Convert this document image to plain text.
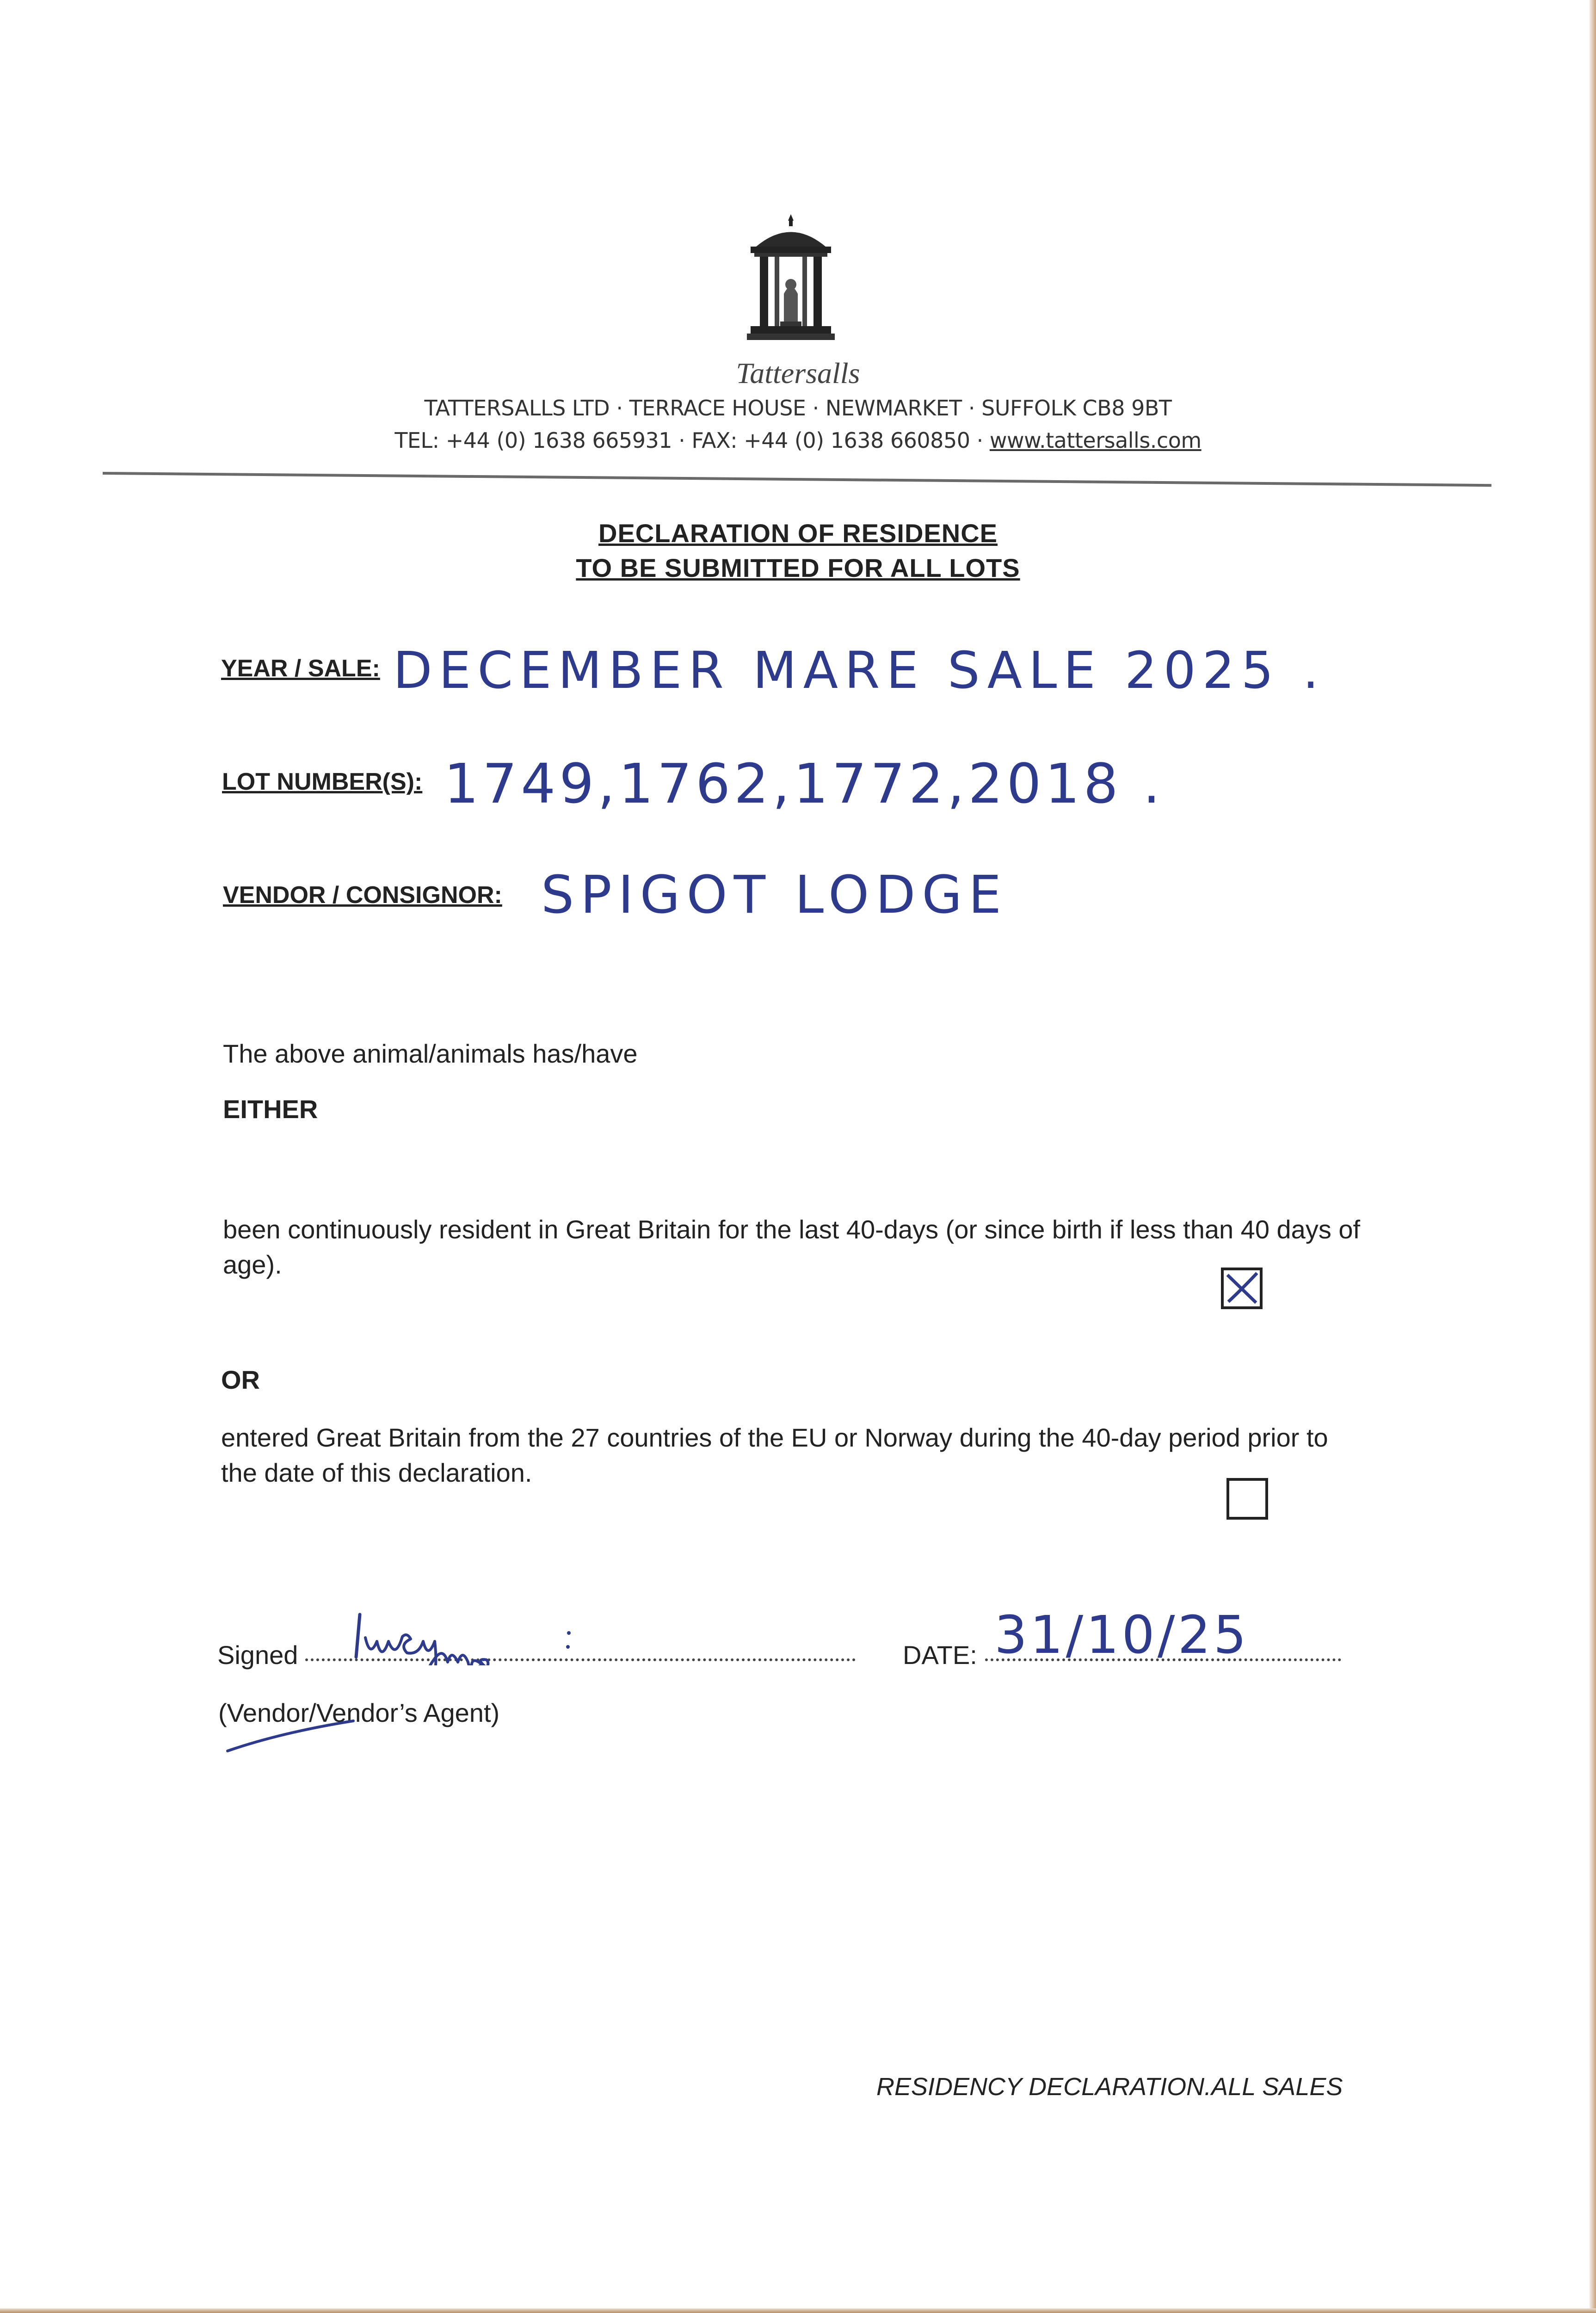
Tattersalls
TATTERSALLS LTD · TERRACE HOUSE · NEWMARKET · SUFFOLK CB8 9BT
TEL: +44 (0) 1638 665931 · FAX: +44 (0) 1638 660850 · www.tattersalls.com
DECLARATION OF RESIDENCE
TO BE SUBMITTED FOR ALL LOTS
YEAR / SALE: DECEMBER MARE SALE 2025 .
LOT NUMBER(S): 1749,1762,1772,2018 .
VENDOR / CONSIGNOR: SPIGOT LODGE
The above animal/animals has/have
EITHER
been continuously resident in Great Britain for the last 40-days (or since birth if less than 40 days of age).
OR
entered Great Britain from the 27 countries of the EU or Norway during the 40-day period prior to the date of this declaration.
Signed
(Vendor/Vendor’s Agent)
DATE: 31/10/25
RESIDENCY DECLARATION.ALL SALES
